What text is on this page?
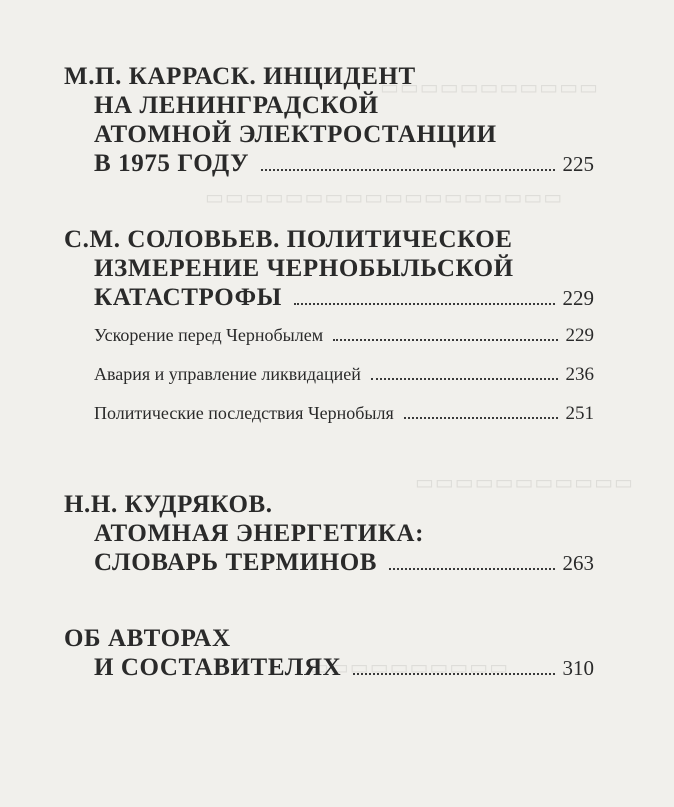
▭▭▭▭▭▭▭▭▭▭▭
▭▭▭▭▭▭▭▭▭▭▭▭▭▭▭▭▭▭
▭▭▭▭▭▭▭▭▭▭▭
▭▭▭▭▭▭▭▭▭▭
М.П. КАРРАСК. ИНЦИДЕНТ
НА ЛЕНИНГРАДСКОЙ
АТОМНОЙ ЭЛЕКТРОСТАНЦИИ
В 1975 ГОДУ	225
С.М. СОЛОВЬЕВ. ПОЛИТИЧЕСКОЕ
ИЗМЕРЕНИЕ ЧЕРНОБЫЛЬСКОЙ
КАТАСТРОФЫ	229
Ускорение перед Чернобылем	229
Авария и управление ликвидацией	236
Политические последствия Чернобыля	251
Н.Н. КУДРЯКОВ.
АТОМНАЯ ЭНЕРГЕТИКА:
СЛОВАРЬ ТЕРМИНОВ	263
ОБ АВТОРАХ
И СОСТАВИТЕЛЯХ	310
